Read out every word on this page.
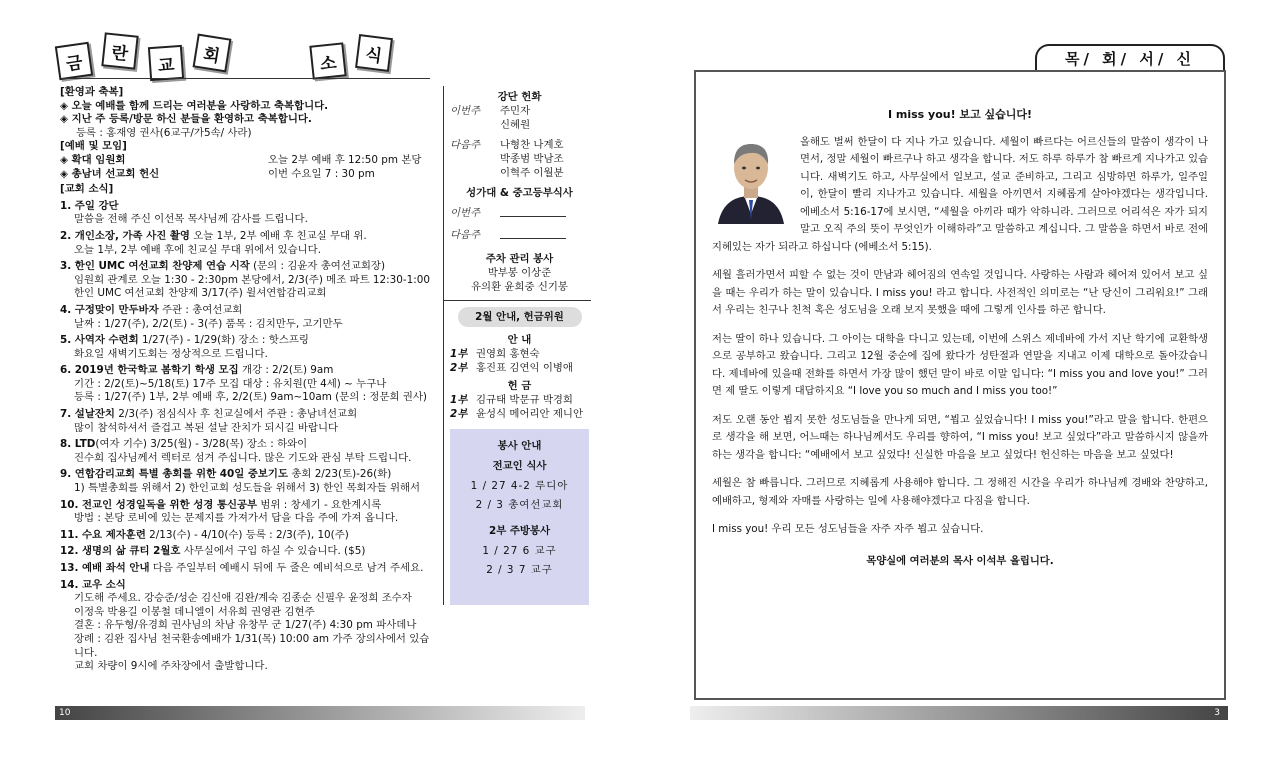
금	란
교	회	소	식
[환영과 축복]
◈ 오늘 예배를 함께 드리는 여러분을 사랑하고 축복합니다.
◈ 지난 주 등록/방문 하신 분들을 환영하고 축복합니다.
등록 : 홍재영 권사(6교구/가5속/ 사라)
[예배 및 모임]
◈ 확대 임원회	오늘 2부 예배 후 12:50 pm 본당
◈ 총남녀 선교회 헌신	이번 수요일 7 : 30 pm
[교회 소식]
1. 주일 강단
말씀을 전해 주신 이선목 목사님께 감사를 드립니다.
2. 개인소장, 가족 사진 촬영 오늘 1부, 2부 예배 후 친교실 무대 위.
오늘 1부, 2부 예배 후에 친교실 무대 위에서 있습니다.
3. 한인 UMC 여선교회 찬양제 연습 시작 (문의 : 김윤자 총여선교회장)
임원회 관계로 오늘 1:30 - 2:30pm 본당에서, 2/3(주) 메조 파트 12:30-1:00
한인 UMC 여선교회 찬양제 3/17(주) 윌셔연합감리교회
4. 구정맞이 만두바자 주관 : 총여선교회
날짜 : 1/27(주), 2/2(토) - 3(주) 품목 : 김치만두, 고기만두
5. 사역자 수련회 1/27(주) - 1/29(화) 장소 : 핫스프링
화요일 새벽기도회는 정상적으로 드립니다.
6. 2019년 한국학교 봄학기 학생 모집 개강 : 2/2(토) 9am
기간 : 2/2(토)~5/18(토) 17주 모집 대상 : 유치원(만 4세) ~ 누구나
등록 : 1/27(주) 1부, 2부 예배 후, 2/2(토) 9am~10am (문의 : 정문희 권사)
7. 설날잔치 2/3(주) 점심식사 후 친교실에서 주관 : 총남녀선교회
많이 참석하셔서 즐겁고 복된 설날 잔치가 되시길 바랍니다
8. LTD(여자 기수) 3/25(월) - 3/28(목) 장소 : 하와이
진수희 집사님께서 렉터로 섬겨 주십니다. 많은 기도와 관심 부탁 드립니다.
9. 연합감리교회 특별 총회를 위한 40일 중보기도 총회 2/23(토)-26(화)
1) 특별총회를 위해서 2) 한인교회 성도들을 위해서 3) 한인 목회자들 위해서
10. 전교인 성경일독을 위한 성경 통신공부 범위 : 창세기 - 요한계시록
방법 : 본당 로비에 있는 문제지를 가져가서 답을 다음 주에 가져 옵니다.
11. 수요 제자훈련 2/13(수) - 4/10(수) 등록 : 2/3(주), 10(주)
12. 생명의 삶 큐티 2월호 사무실에서 구입 하실 수 있습니다. ($5)
13. 예배 좌석 안내 다음 주일부터 예배시 뒤에 두 줄은 예비석으로 남겨 주세요.
14. 교우 소식
기도해 주세요. 강승준/성순 김신애 김완/계숙 김종순 신필우 윤정희 조수자
이정욱 박용길 이봉철 데니엘이 서유희 권영관 김현주
결혼 : 유두형/유경희 권사님의 차남 유창무 군 1/27(주) 4:30 pm 파사데나
장례 : 김완 집사님 천국환송예배가 1/31(목) 10:00 am 가주 장의사에서 있습니다.
교회 차량이 9시에 주차장에서 출발합니다.
강단 헌화
이번주	주민자
신혜원
다음주	나형찬 나계호
박종범 박남조
이혁주 이월분
성가대 & 중고등부식사
이번주
다음주
주차 관리 봉사
박부봉 이상준
유의환 윤희중 신기봉
2월 안내, 헌금위원
안 내
1부 권영희 홍현숙
2부 홍진표 김연익 이병애
헌 금
1부 김규태 박문규 박경희
2부 윤성식 메어리안 제니안
봉사 안내
전교인 식사
1 / 27 4-2 루디아
2 / 3 총여선교회
2부 주방봉사
1 / 27 6 교구
2 / 3 7 교구
10
목/ 회/ 서/ 신
I miss you! 보고 싶습니다!

올해도 벌써 한달이 다 지나 가고 있습니다. 세월이 빠르다는 어르신들의 말씀이 생각이 나면서, 정말 세월이 빠르구나 하고 생각을 합니다. 저도 하루 하루가 참 빠르게 지나가고 있습니다. 새벽기도 하고, 사무실에서 일보고, 설교 준비하고, 그리고 심방하면 하루가, 일주일이, 한달이 빨리 지나가고 있습니다. 세월을 아끼면서 지혜롭게 살아야겠다는 생각입니다. 에베소서 5:16-17에 보시면, “세월을 아끼라 때가 악하니라. 그러므로 어리석은 자가 되지 말고 오직 주의 뜻이 무엇인가 이해하라”고 말씀하고 계십니다. 그 말씀을 하면서 바로 전에 지혜있는 자가 되라고 하십니다 (에베소서 5:15).

세월 흘러가면서 피할 수 없는 것이 만남과 헤어짐의 연속일 것입니다. 사랑하는 사람과 헤어져 있어서 보고 싶을 때는 우리가 하는 말이 있습니다. I miss you! 라고 합니다. 사전적인 의미로는 “난 당신이 그리워요!” 그래서 우리는 친구나 친척 혹은 성도님을 오래 보지 못했을 때에 그렇게 인사를 하곤 합니다.

저는 딸이 하나 있습니다. 그 아이는 대학을 다니고 있는데, 이번에 스위스 제네바에 가서 지난 학기에 교환학생으로 공부하고 왔습니다. 그리고 12월 중순에 집에 왔다가 성탄절과 연말을 지내고 이제 대학으로 돌아갔습니다. 제네바에 있을때 전화를 하면서 가장 많이 했던 말이 바로 이말 입니다: “I miss you and love you!” 그러면 제 딸도 이렇게 대답하지요 “I love you so much and I miss you too!”

저도 오랜 동안 뵙지 못한 성도님들을 만나게 되면, “뵙고 싶었습니다! I miss you!”라고 말을 합니다. 한편으로 생각을 해 보면, 어느때는 하나님께서도 우리를 향하여, “I miss you! 보고 싶었다”라고 말씀하시지 않을까 하는 생각을 합니다: “예배에서 보고 싶었다! 신실한 마음을 보고 싶었다! 헌신하는 마음을 보고 싶었다!

세월은 참 빠릅니다. 그러므로 지혜롭게 사용해야 합니다. 그 정해진 시간을 우리가 하나님께 경배와 찬양하고, 예배하고, 형제와 자매를 사랑하는 일에 사용해야겠다고 다짐을 합니다.

I miss you! 우리 모든 성도님들을 자주 자주 뵙고 싶습니다.

목양실에 여러분의 목사 이석부 올립니다.
3
